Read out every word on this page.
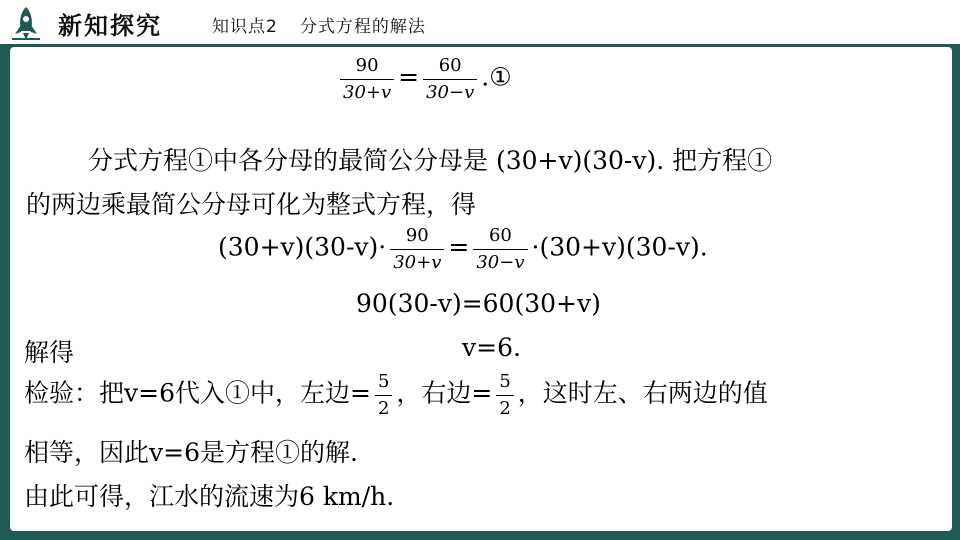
新知探究	知识点2 分式方程的解法
$\frac{90}{30+v} = \frac{60}{30-v}$ .①
分式方程①中各分母的最简公分母是 (30+v)(30-v). 把方程①
的两边乘最简公分母可化为整式方程，得
$(30+v)(30-v)\cdot \frac{90}{30+v} = \frac{60}{30-v} \cdot(30+v)(30-v)$.
90(30-v)=60(30+v)
解得	v=6.
检验：把v=6代入①中，左边= $\frac{5}{2}$ ，右边= $\frac{5}{2}$ ，这时左、右两边的值
相等，因此v=6是方程①的解.
由此可得，江水的流速为6 km/h.
